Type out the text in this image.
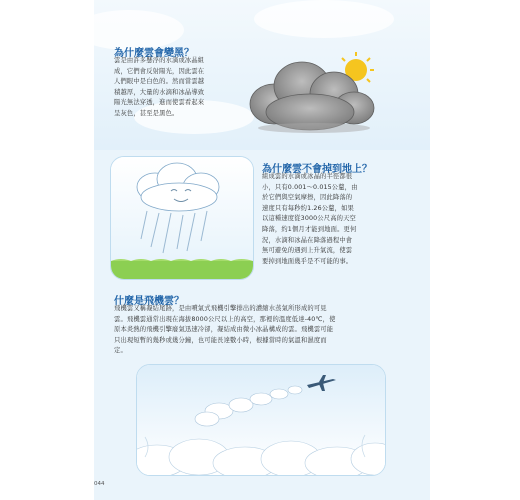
為什麼雲會變黑？
雲是由許多懸浮的水滴或冰晶組
成，它們會反射陽光，因此雲在
人們眼中是白色的。然而當雲越
積越厚，大量的水滴和冰晶導致
陽光無法穿透，進而使雲看起來
呈灰色，甚至是黑色。
為什麼雲不會掉到地上？
組成雲的水滴或冰晶的半徑都很
小，只有0.001～0.015公釐，由
於它們與空氣摩擦，因此降落的
速度只有每秒約1.26公釐，如果
以這種速度從3000公尺高的天空
降落，約1個月才能到地面。更何
況，水滴和冰晶在降落過程中會
無可避免的遇到上升氣流，使雲
要掉到地面幾乎是不可能的事。
什麼是飛機雲？
飛機雲又稱凝結尾跡，是由噴氣式飛機引擎排出的濃縮水蒸氣所形成的可見
雲。飛機雲通常出現在海拔8000公尺以上的高空，那裡的溫度低達-40℃，使
原本炎熱的飛機引擎廢氣迅速冷卻，凝結成由微小冰晶構成的雲。飛機雲可能
只出現短暫的幾秒或幾分鐘，也可能長達數小時，根據當時的氣溫和濕度而
定。
044
